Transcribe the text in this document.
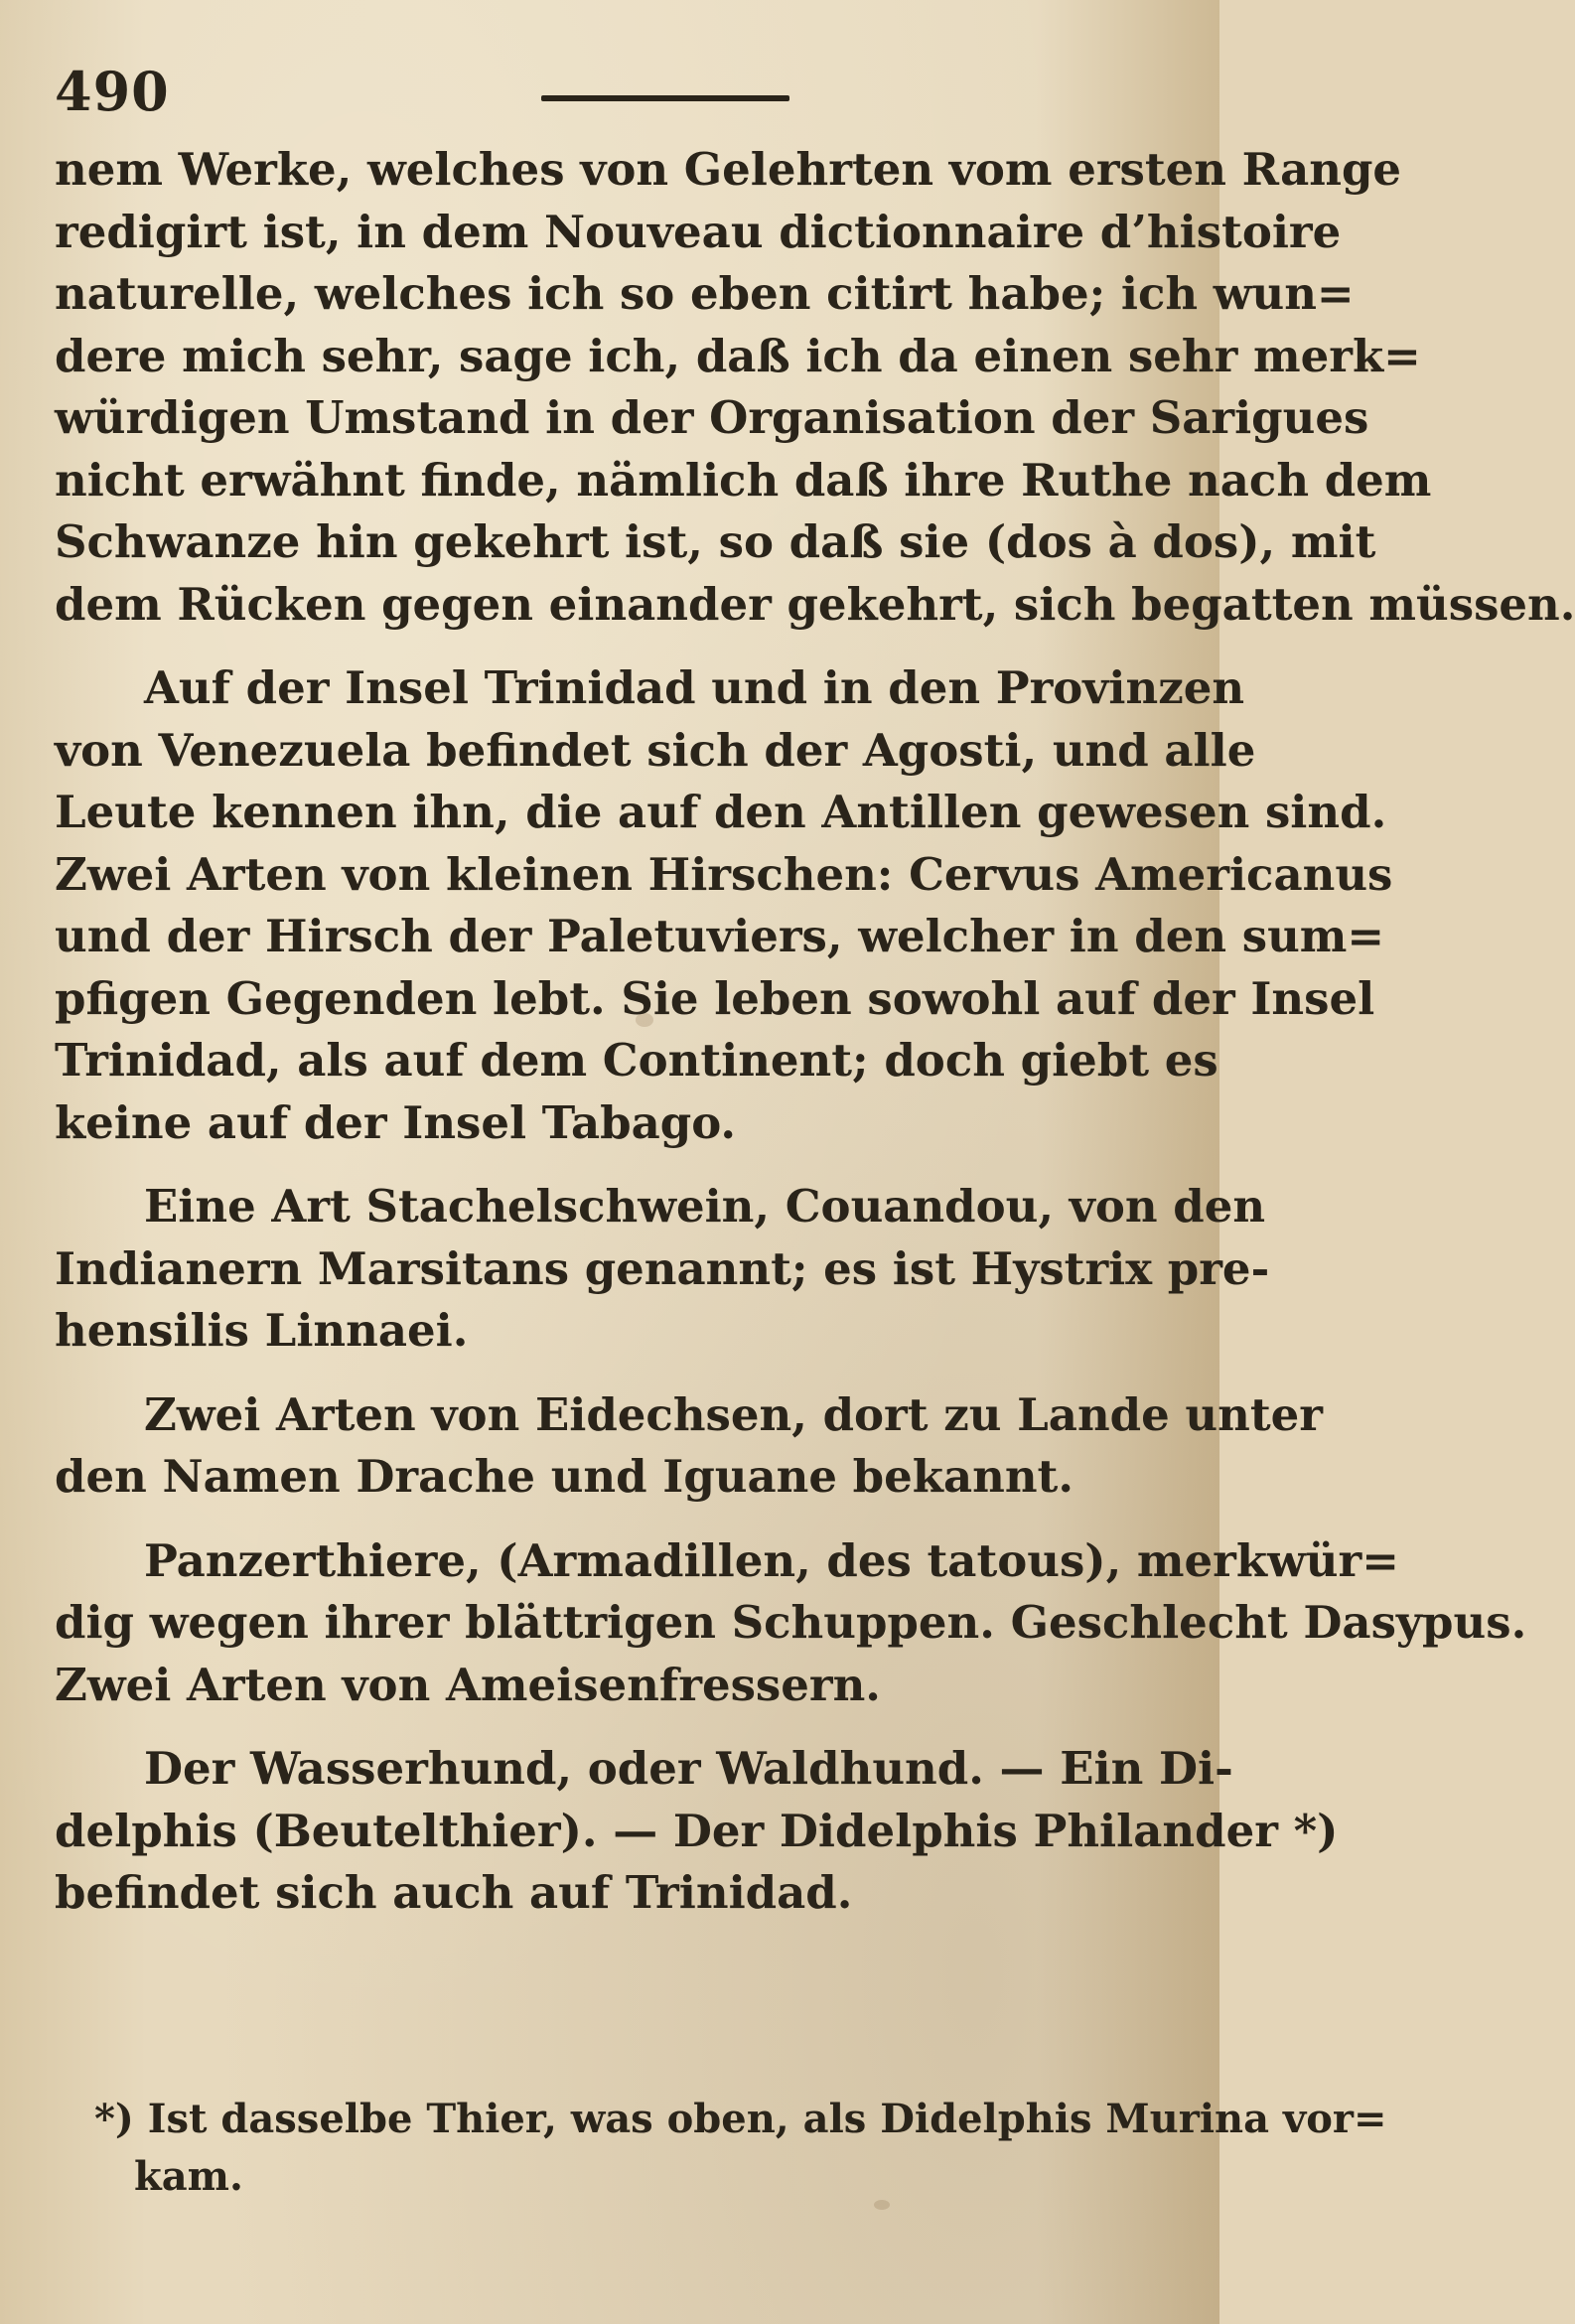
490
nem Werke, welches von Gelehrten vom ersten Range
redigirt ist, in dem Nouveau dictionnaire d’histoire
naturelle, welches ich so eben citirt habe; ich wun=
dere mich sehr, sage ich, daß ich da einen sehr merk=
würdigen Umstand in der Organisation der Sarigues
nicht erwähnt finde, nämlich daß ihre Ruthe nach dem
Schwanze hin gekehrt ist, so daß sie (dos à dos), mit
dem Rücken gegen einander gekehrt, sich begatten müssen.
Auf der Insel Trinidad und in den Provinzen
von Venezuela befindet sich der Agosti, und alle
Leute kennen ihn, die auf den Antillen gewesen sind.
Zwei Arten von kleinen Hirschen: Cervus Americanus
und der Hirsch der Paletuviers, welcher in den sum=
pfigen Gegenden lebt. Sie leben sowohl auf der Insel
Trinidad, als auf dem Continent; doch giebt es
keine auf der Insel Tabago.
Eine Art Stachelschwein, Couandou, von den
Indianern Marsitans genannt; es ist Hystrix pre-
hensilis Linnaei.
Zwei Arten von Eidechsen, dort zu Lande unter
den Namen Drache und Iguane bekannt.
Panzerthiere, (Armadillen, des tatous), merkwür=
dig wegen ihrer blättrigen Schuppen. Geschlecht Dasypus.
Zwei Arten von Ameisenfressern.
Der Wasserhund, oder Waldhund. — Ein Di-
delphis (Beutelthier). — Der Didelphis Philander *)
befindet sich auch auf Trinidad.
*) Ist dasselbe Thier, was oben, als Didelphis Murina vor=
kam.
